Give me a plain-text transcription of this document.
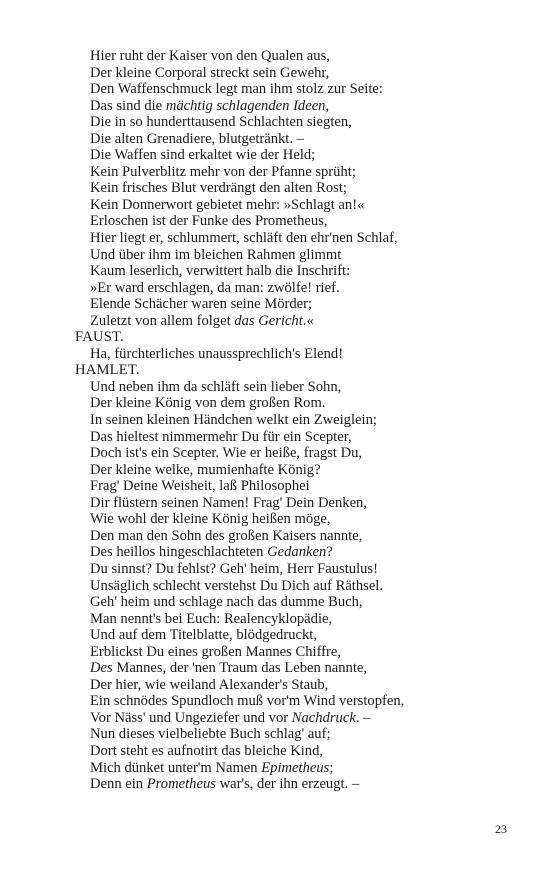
Hier ruht der Kaiser von den Qualen aus,
Der kleine Corporal streckt sein Gewehr,
Den Waffenschmuck legt man ihm stolz zur Seite:
Das sind die mächtig schlagenden Ideen,
Die in so hunderttausend Schlachten siegten,
Die alten Grenadiere, blutgetränkt. –
Die Waffen sind erkaltet wie der Held;
Kein Pulverblitz mehr von der Pfanne sprüht;
Kein frisches Blut verdrängt den alten Rost;
Kein Donnerwort gebietet mehr: »Schlagt an!«
Erloschen ist der Funke des Prometheus,
Hier liegt er, schlummert, schläft den ehr'nen Schlaf,
Und über ihm im bleichen Rahmen glimmt
Kaum leserlich, verwittert halb die Inschrift:
»Er ward erschlagen, da man: zwölfe! rief.
Elende Schächer waren seine Mörder;
Zuletzt von allem folget das Gericht.«
FAUST.
Ha, fürchterliches unaussprechlich's Elend!
HAMLET.
Und neben ihm da schläft sein lieber Sohn,
Der kleine König von dem großen Rom.
In seinen kleinen Händchen welkt ein Zweiglein;
Das hieltest nimmermehr Du für ein Scepter,
Doch ist's ein Scepter. Wie er heiße, fragst Du,
Der kleine welke, mumienhafte König?
Frag' Deine Weisheit, laß Philosophei
Dir flüstern seinen Namen! Frag' Dein Denken,
Wie wohl der kleine König heißen möge,
Den man den Sohn des großen Kaisers nannte,
Des heillos hingeschlachteten Gedanken?
Du sinnst? Du fehlst? Geh' heim, Herr Faustulus!
Unsäglich schlecht verstehst Du Dich auf Räthsel.
Geh' heim und schlage nach das dumme Buch,
Man nennt's bei Euch: Realencyklopädie,
Und auf dem Titelblatte, blödgedruckt,
Erblickst Du eines großen Mannes Chiffre,
Des Mannes, der 'nen Traum das Leben nannte,
Der hier, wie weiland Alexander's Staub,
Ein schnödes Spundloch muß vor'm Wind verstopfen,
Vor Näss' und Ungeziefer und vor Nachdruck. –
Nun dieses vielbeliebte Buch schlag' auf;
Dort steht es aufnotirt das bleiche Kind,
Mich dünket unter'm Namen Epimetheus;
Denn ein Prometheus war's, der ihn erzeugt. –
23
